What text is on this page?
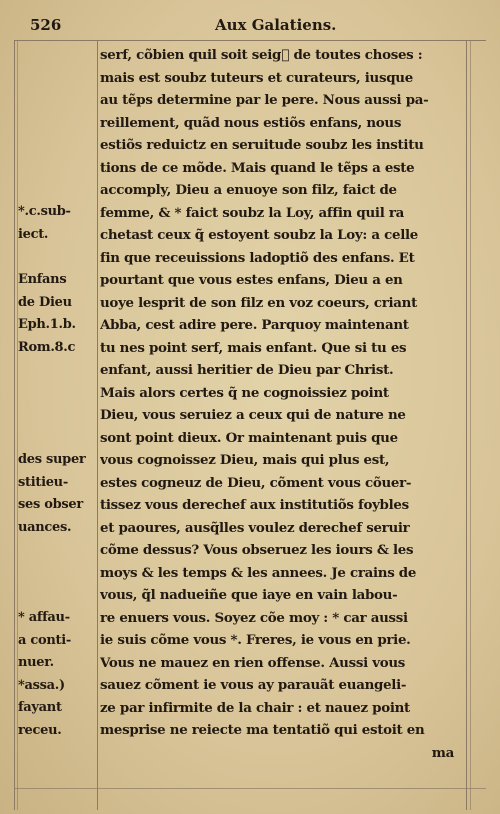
526	Aux Galatiens.
*.c.sub-
iect.
Enfans
de Dieu
Eph.1.b.
Rom.8.c
des super
stitieu-
ses obser
uances.
* affau-
a conti-
nuer.
*assa.)
fayant
receu.
serf, cõbien quil soit seig᷑ de toutes choses :
mais est soubz tuteurs et curateurs, iusque
au tẽps determine par le pere. Nous aussi pa-
reillement, quãd nous estiõs enfans, nous
estiõs reduictz en seruitude soubz les institu
tions de ce mõde. Mais quand le tẽps a este
accomply, Dieu a enuoye son filz, faict de
femme, & * faict soubz la Loy, affin quil ra
chetast ceux q̃ estoyent soubz la Loy: a celle
fin que receuissions ladoptiõ des enfans. Et
pourtant que vous estes enfans, Dieu a en
uoye lesprit de son filz en voz coeurs, criant
Abba, cest adire pere. Parquoy maintenant
tu nes point serf, mais enfant. Que si tu es
enfant, aussi heritier de Dieu par Christ.
Mais alors certes q̃ ne cognoissiez point
Dieu, vous seruiez a ceux qui de nature ne
sont point dieux. Or maintenant puis que
vous cognoissez Dieu, mais qui plus est,
estes cogneuz de Dieu, cõment vous cõuer-
tissez vous derechef aux institutiõs foybles
et paoures, ausq̃lles voulez derechef seruir
cõme dessus? Vous obseruez les iours & les
moys & les temps & les annees. Je crains de
vous, q̃l nadueiñe que iaye en vain labou-
re enuers vous. Soyez cõe moy : * car aussi
ie suis cõme vous *. Freres, ie vous en prie.
Vous ne mauez en rien offense. Aussi vous
sauez cõment ie vous ay parauãt euangeli-
ze par infirmite de la chair : et nauez point
mesprise ne reiecte ma tentatiõ qui estoit en
ma
